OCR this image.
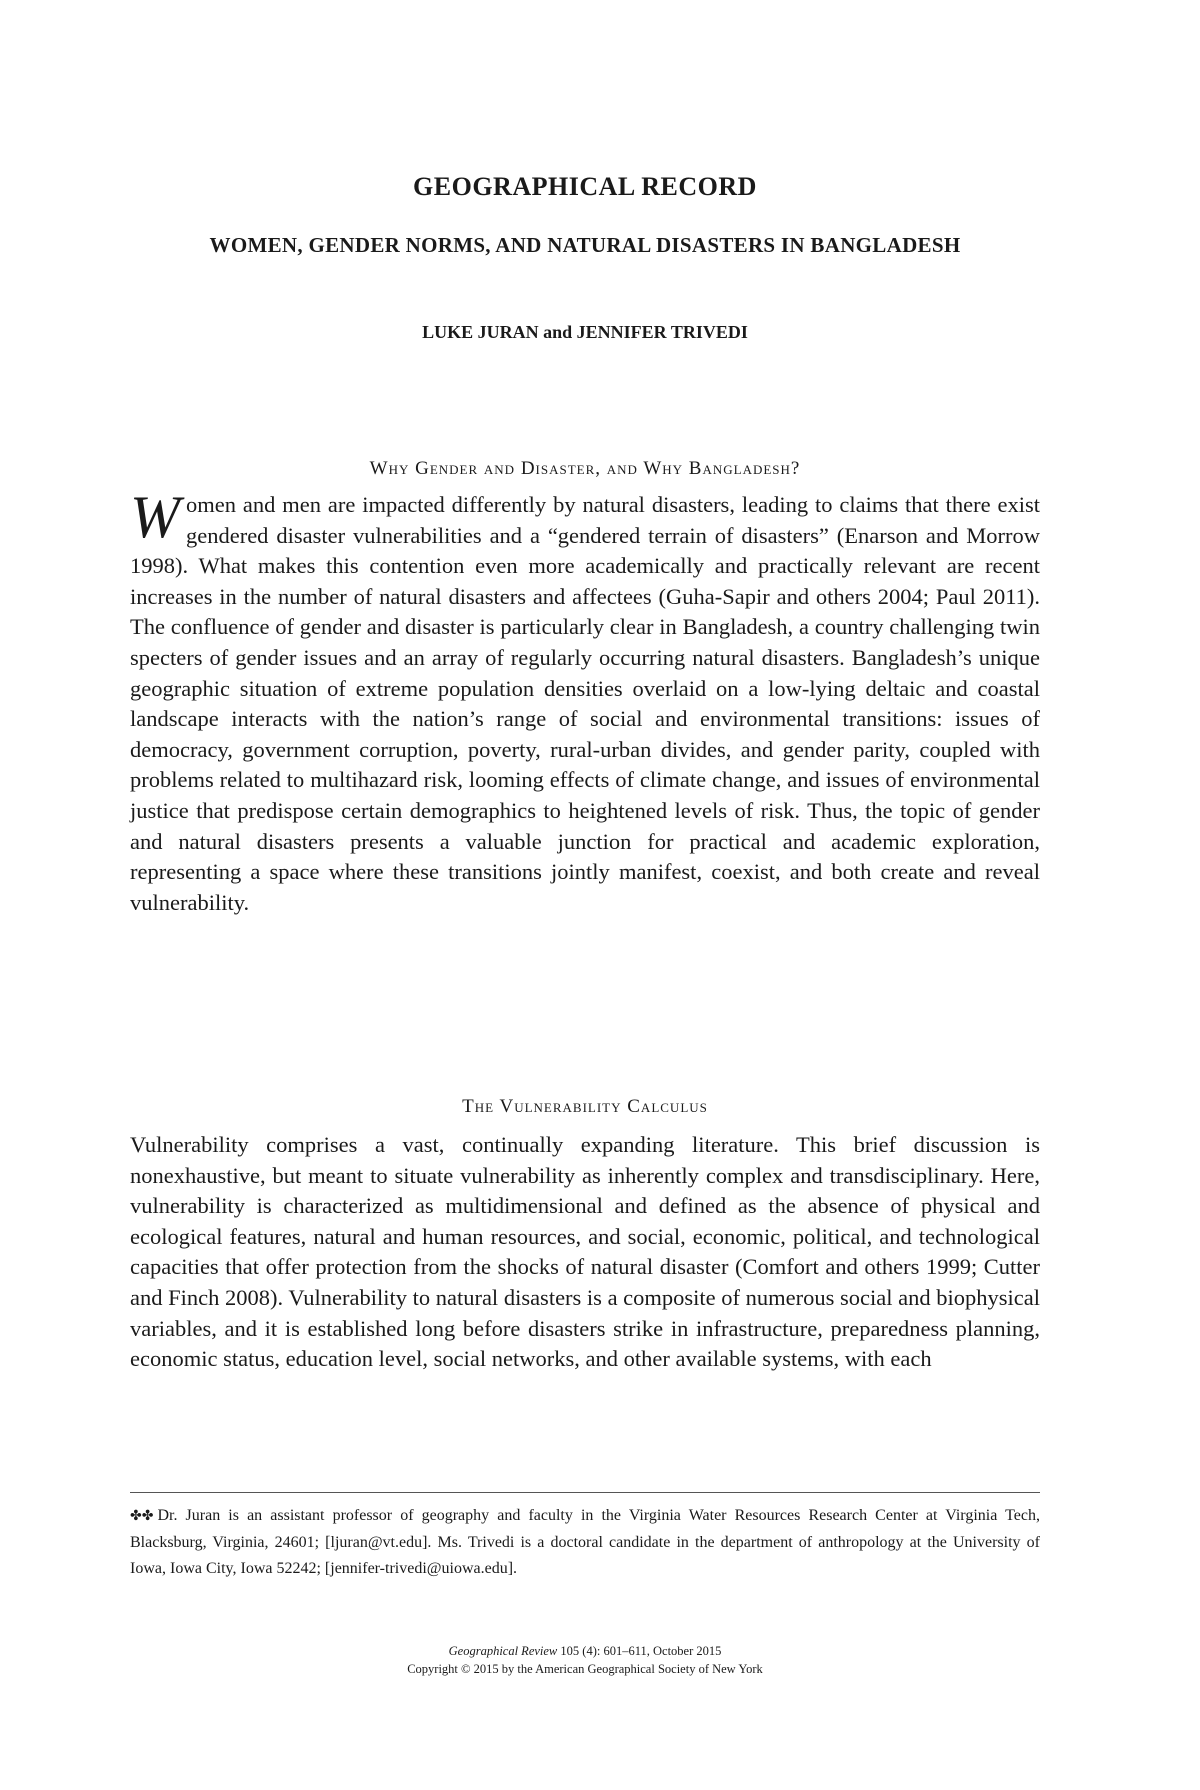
GEOGRAPHICAL RECORD
WOMEN, GENDER NORMS, AND NATURAL DISASTERS IN BANGLADESH
LUKE JURAN and JENNIFER TRIVEDI
Why Gender and Disaster, and Why Bangladesh?

Women and men are impacted differently by natural disasters, leading to claims that there exist gendered disaster vulnerabilities and a “gendered terrain of disasters” (Enarson and Morrow 1998). What makes this contention even more academically and practically relevant are recent increases in the number of natural disasters and affectees (Guha-Sapir and others 2004; Paul 2011). The confluence of gender and disaster is particularly clear in Bangladesh, a country challenging twin specters of gender issues and an array of regularly occurring natural disasters. Bangladesh’s unique geographic situation of extreme population densities overlaid on a low-lying deltaic and coastal landscape interacts with the nation’s range of social and environmental transitions: issues of democracy, government corruption, poverty, rural-urban divides, and gender parity, coupled with problems related to multihazard risk, looming effects of climate change, and issues of environmental justice that predispose certain demographics to heightened levels of risk. Thus, the topic of gender and natural disasters presents a valuable junction for practical and academic exploration, representing a space where these transitions jointly manifest, coexist, and both create and reveal vulnerability.

The Vulnerability Calculus

Vulnerability comprises a vast, continually expanding literature. This brief discussion is nonexhaustive, but meant to situate vulnerability as inherently complex and transdisciplinary. Here, vulnerability is characterized as multidimensional and defined as the absence of physical and ecological features, natural and human resources, and social, economic, political, and technological capacities that offer protection from the shocks of natural disaster (Comfort and others 1999; Cutter and Finch 2008). Vulnerability to natural disasters is a composite of numerous social and biophysical variables, and it is established long before disasters strike in infrastructure, preparedness planning, economic status, education level, social networks, and other available systems, with each

✤✤ Dr. Juran is an assistant professor of geography and faculty in the Virginia Water Resources Research Center at Virginia Tech, Blacksburg, Virginia, 24601; [ljuran@vt.edu]. Ms. Trivedi is a doctoral candidate in the department of anthropology at the University of Iowa, Iowa City, Iowa 52242; [jennifer-trivedi@uiowa.edu].

Geographical Review 105 (4): 601–611, October 2015
Copyright © 2015 by the American Geographical Society of New York
